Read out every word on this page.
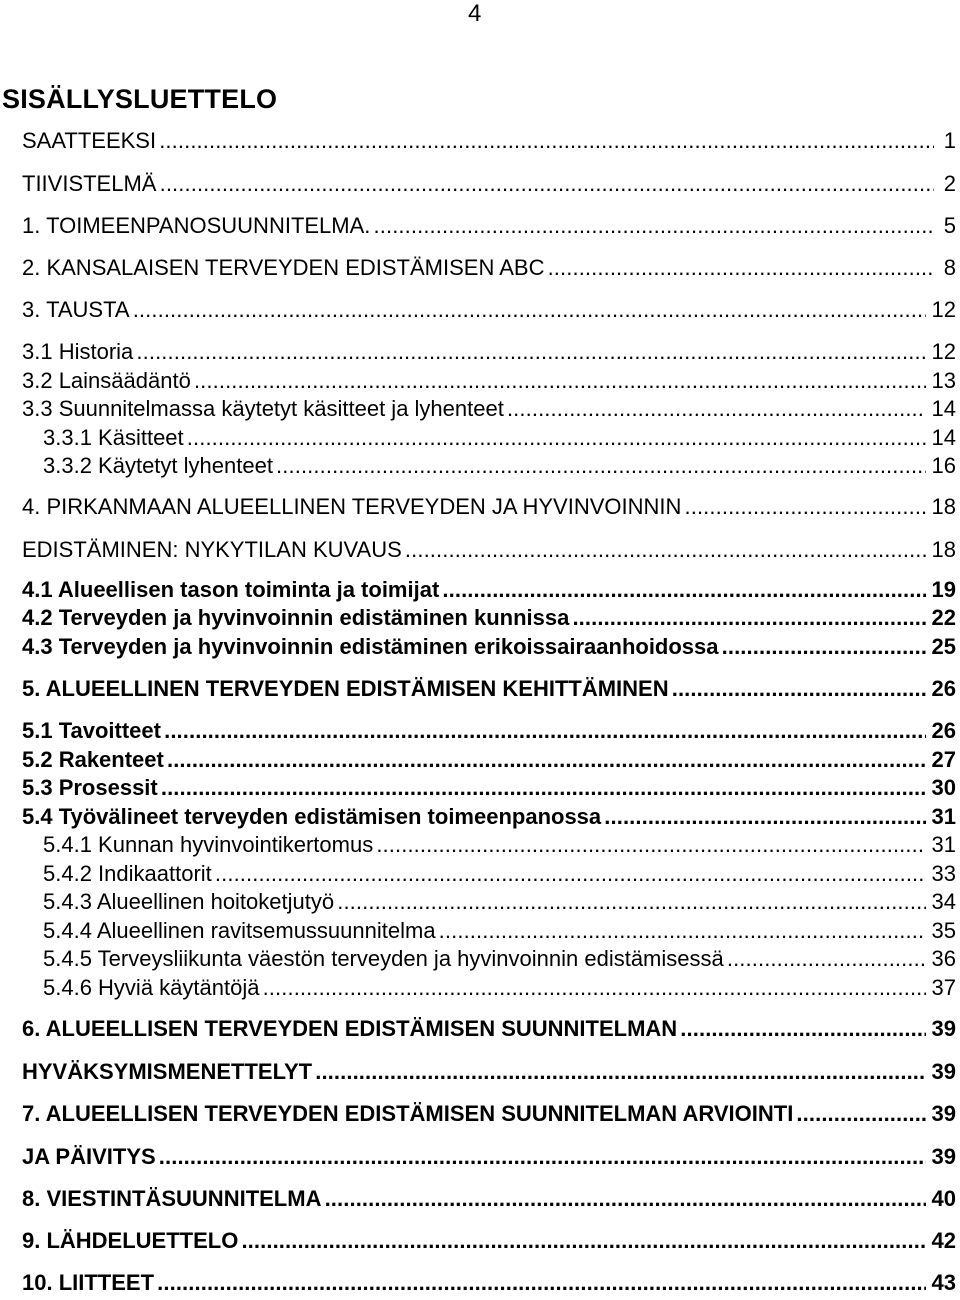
4
SISÄLLYSLUETTELO
SAATTEEKSI . . .	1
TIIVISTELMÄ . . .	2
1. TOIMEENPANOSUUNNITELMA. . . .	5
2. KANSALAISEN TERVEYDEN EDISTÄMISEN ABC . . .	8
3. TAUSTA . . .	12
3.1 Historia . . .	12
3.2 Lainsäädäntö . . .	13
3.3 Suunnitelmassa käytetyt käsitteet ja lyhenteet . . .	14
3.3.1 Käsitteet . . .	14
3.3.2 Käytetyt lyhenteet . . .	16
4. PIRKANMAAN ALUEELLINEN TERVEYDEN JA HYVINVOINNIN . . .	18
EDISTÄMINEN: NYKYTILAN KUVAUS . . .	18
4.1 Alueellisen tason toiminta ja toimijat . . .	19
4.2 Terveyden ja hyvinvoinnin edistäminen kunnissa . . .	22
4.3 Terveyden ja hyvinvoinnin edistäminen erikoissairaanhoidossa . . .	25
5. ALUEELLINEN TERVEYDEN EDISTÄMISEN KEHITTÄMINEN . . .	26
5.1 Tavoitteet . . .	26
5.2 Rakenteet . . .	27
5.3 Prosessit . . .	30
5.4 Työvälineet terveyden edistämisen toimeenpanossa . . .	31
5.4.1 Kunnan hyvinvointikertomus . . .	31
5.4.2 Indikaattorit . . .	33
5.4.3 Alueellinen hoitoketjutyö . . .	34
5.4.4 Alueellinen ravitsemussuunnitelma . . .	35
5.4.5 Terveysliikunta väestön terveyden ja hyvinvoinnin edistämisessä . . .	36
5.4.6 Hyviä käytäntöjä . . .	37
6. ALUEELLISEN TERVEYDEN EDISTÄMISEN SUUNNITELMAN . . .	39
HYVÄKSYMISMENETTELYT . . .	39
7. ALUEELLISEN TERVEYDEN EDISTÄMISEN SUUNNITELMAN ARVIOINTI . . .	39
JA PÄIVITYS . . .	39
8. VIESTINTÄSUUNNITELMA . . .	40
9. LÄHDELUETTELO . . .	42
10. LIITTEET . . .	43
